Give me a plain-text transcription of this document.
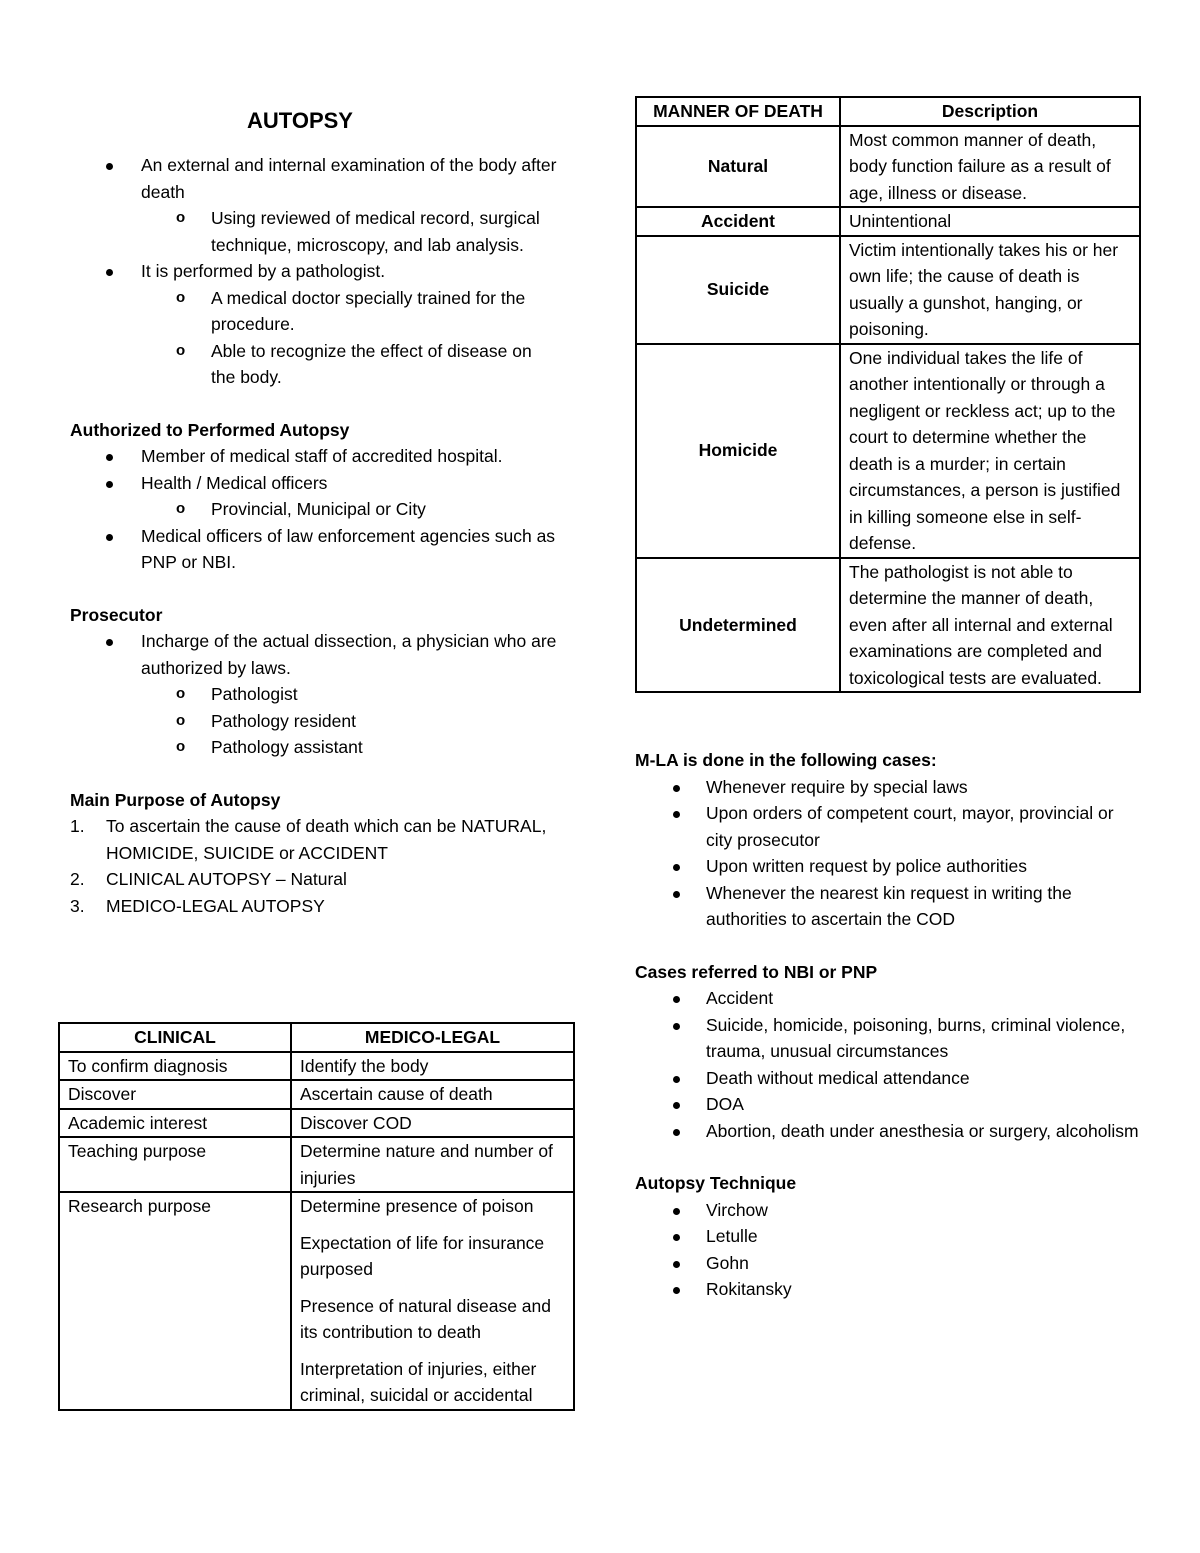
AUTOPSY
An external and internal examination of the body after death
o Using reviewed of medical record, surgical technique, microscopy, and lab analysis.
It is performed by a pathologist.
o A medical doctor specially trained for the procedure.
o Able to recognize the effect of disease on the body.

Authorized to Performed Autopsy

Member of medical staff of accredited hospital.
Health / Medical officers
o Provincial, Municipal or City
Medical officers of law enforcement agencies such as PNP or NBI.

Prosecutor

Incharge of the actual dissection, a physician who are authorized by laws.
o Pathologist
o Pathology resident
o Pathology assistant

Main Purpose of Autopsy

1. To ascertain the cause of death which can be NATURAL, HOMICIDE, SUICIDE or ACCIDENT
2. CLINICAL AUTOPSY – Natural
3. MEDICO-LEGAL AUTOPSY
CLINICAL	MEDICO-LEGAL
To confirm diagnosis	Identify the body
Discover	Ascertain cause of death
Academic interest	Discover COD
Teaching purpose	Determine nature and number of injuries
Research purpose	Determine presence of poison

Expectation of life for insurance purposed

Presence of natural disease and its contribution to death

Interpretation of injuries, either criminal, suicidal or accidental

MANNER OF DEATH	Description
Natural	Most common manner of death, body function failure as a result of age, illness or disease.
Accident	Unintentional
Suicide	Victim intentionally takes his or her own life; the cause of death is usually a gunshot, hanging, or poisoning.
Homicide	One individual takes the life of another intentionally or through a negligent or reckless act; up to the court to determine whether the death is a murder; in certain circumstances, a person is justified in killing someone else in self-defense.
Undetermined	The pathologist is not able to determine the manner of death, even after all internal and external examinations are completed and toxicological tests are evaluated.

M-LA is done in the following cases:

Whenever require by special laws
Upon orders of competent court, mayor, provincial or city prosecutor
Upon written request by police authorities
Whenever the nearest kin request in writing the authorities to ascertain the COD

Cases referred to NBI or PNP

Accident
Suicide, homicide, poisoning, burns, criminal violence, trauma, unusual circumstances
Death without medical attendance
DOA
Abortion, death under anesthesia or surgery, alcoholism

Autopsy Technique

Virchow
Letulle
Gohn
Rokitansky
